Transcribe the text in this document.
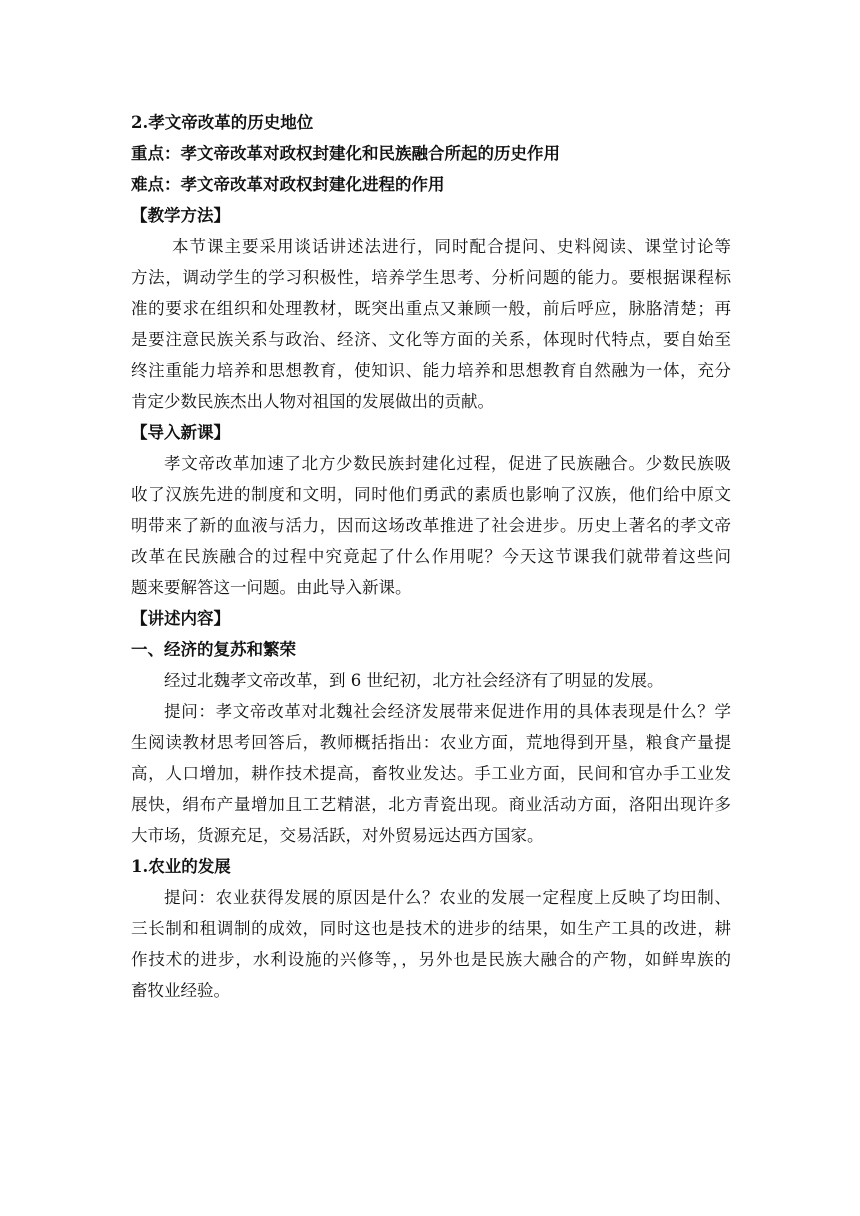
2.孝文帝改革的历史地位

重点：孝文帝改革对政权封建化和民族融合所起的历史作用

难点：孝文帝改革对政权封建化进程的作用

【教学方法】

本节课主要采用谈话讲述法进行，同时配合提问、史料阅读、课堂讨论等
方法，调动学生的学习积极性，培养学生思考、分析问题的能力。要根据课程标
准的要求在组织和处理教材，既突出重点又兼顾一般，前后呼应，脉胳清楚；再
是要注意民族关系与政治、经济、文化等方面的关系，体现时代特点，要自始至
终注重能力培养和思想教育，使知识、能力培养和思想教育自然融为一体，充分
肯定少数民族杰出人物对祖国的发展做出的贡献。

【导入新课】

孝文帝改革加速了北方少数民族封建化过程，促进了民族融合。少数民族吸
收了汉族先进的制度和文明，同时他们勇武的素质也影响了汉族，他们给中原文
明带来了新的血液与活力，因而这场改革推进了社会进步。历史上著名的孝文帝
改革在民族融合的过程中究竟起了什么作用呢？今天这节课我们就带着这些问
题来要解答这一问题。由此导入新课。

【讲述内容】

一、经济的复苏和繁荣

经过北魏孝文帝改革，到 6 世纪初，北方社会经济有了明显的发展。
提问：孝文帝改革对北魏社会经济发展带来促进作用的具体表现是什么？学
生阅读教材思考回答后，教师概括指出：农业方面，荒地得到开垦，粮食产量提
高，人口增加，耕作技术提高，畜牧业发达。手工业方面，民间和官办手工业发
展快，绢布产量增加且工艺精湛，北方青瓷出现。商业活动方面，洛阳出现许多
大市场，货源充足，交易活跃，对外贸易远达西方国家。

1.农业的发展

提问：农业获得发展的原因是什么？农业的发展一定程度上反映了均田制、
三长制和租调制的成效，同时这也是技术的进步的结果，如生产工具的改进，耕
作技术的进步，水利设施的兴修等，，另外也是民族大融合的产物，如鲜卑族的
畜牧业经验。
